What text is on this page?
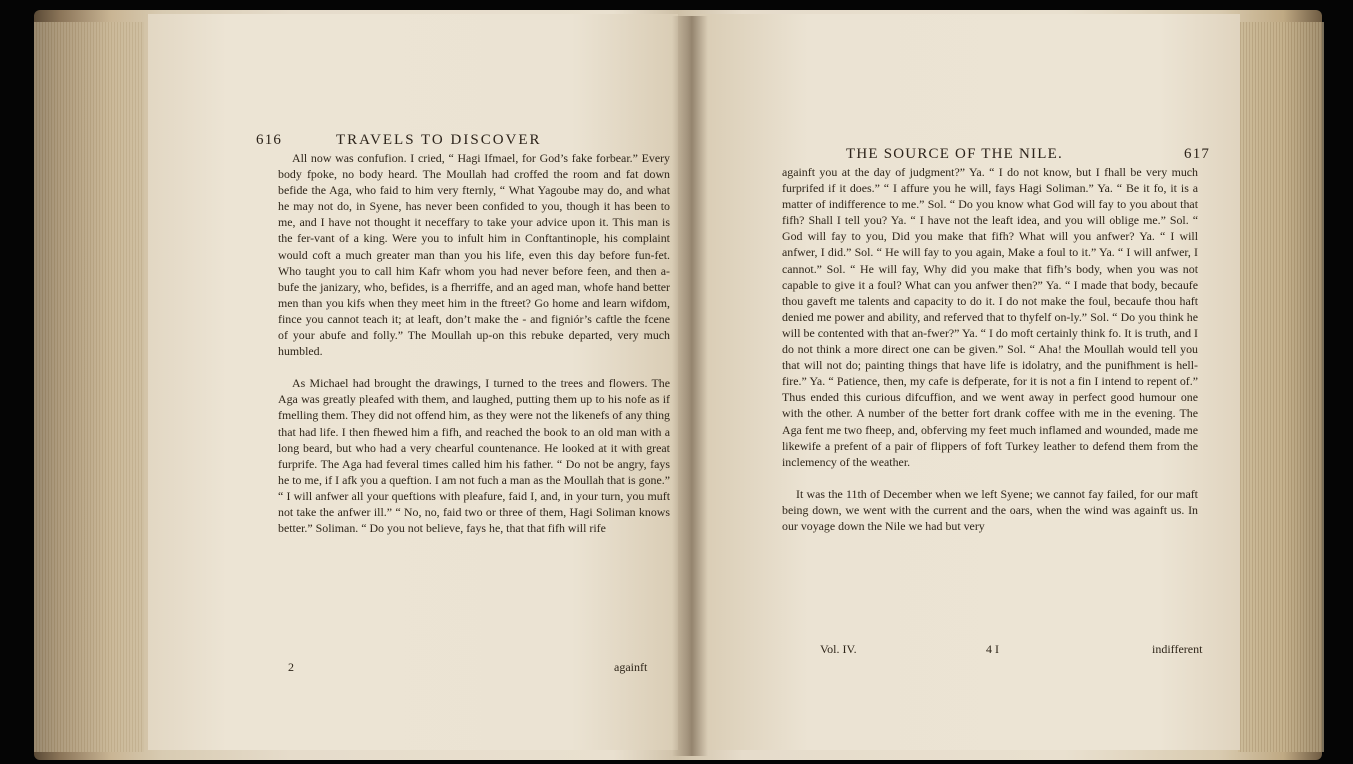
616	TRAVELS TO DISCOVER

All now was confufion. I cried, “ Hagi Ifmael, for God’s fake forbear.” Every body fpoke, no body heard. The Moullah had croffed the room and fat down befide the Aga, who faid to him very fternly, “ What Yagoube may do, and what he may not do, in Syene, has never been confided to you, though it has been to me, and I have not thought it neceffary to take your advice upon it. This man is the fer-vant of a king. Were you to infult him in Conftantinople, his complaint would coft a much greater man than you his life, even this day before fun-fet. Who taught you to call him Kafr whom you had never before feen, and then a-bufe the janizary, who, befides, is a fherriffe, and an aged man, whofe hand better men than you kifs when they meet him in the ftreet? Go home and learn wifdom, fince you cannot teach it; at leaft, don’t make the ‐ and figniór’s caftle the fcene of your abufe and folly.” The Moullah up-on this rebuke departed, very much humbled.

As Michael had brought the drawings, I turned to the trees and flowers. The Aga was greatly pleafed with them, and laughed, putting them up to his nofe as if fmelling them. They did not offend him, as they were not the likenefs of any thing that had life. I then fhewed him a fifh, and reached the book to an old man with a long beard, but who had a very chearful countenance. He looked at it with great furprife. The Aga had feveral times called him his father. “ Do not be angry, fays he to me, if I afk you a queftion. I am not fuch a man as the Moullah that is gone.” “ I will anfwer all your queftions with pleafure, faid I, and, in your turn, you muft not take the anfwer ill.” “ No, no, faid two or three of them, Hagi Soliman knows better.” Soliman. “ Do you not believe, fays he, that that fifh will rife

2	againft
THE SOURCE OF THE NILE.	617

againft you at the day of judgment?” Ya. “ I do not know, but I fhall be very much furprifed if it does.” “ I affure you he will, fays Hagi Soliman.” Ya. “ Be it fo, it is a matter of indifference to me.” Sol. “ Do you know what God will fay to you about that fifh? Shall I tell you? Ya. “ I have not the leaft idea, and you will oblige me.” Sol. “ God will fay to you, Did you make that fifh? What will you anfwer? Ya. “ I will anfwer, I did.” Sol. “ He will fay to you again, Make a foul to it.” Ya. “ I will anfwer, I cannot.” Sol. “ He will fay, Why did you make that fifh’s body, when you was not capable to give it a foul? What can you anfwer then?” Ya. “ I made that body, becaufe thou gaveft me talents and capacity to do it. I do not make the foul, becaufe thou haft denied me power and ability, and referved that to thyfelf on-ly.” Sol. “ Do you think he will be contented with that an-fwer?” Ya. “ I do moft certainly think fo. It is truth, and I do not think a more direct one can be given.” Sol. “ Aha! the Moullah would tell you that will not do; painting things that have life is idolatry, and the punifhment is hell-fire.” Ya. “ Patience, then, my cafe is defperate, for it is not a fin I intend to repent of.” Thus ended this curious difcuffion, and we went away in perfect good humour one with the other. A number of the better fort drank coffee with me in the evening. The Aga fent me two fheep, and, obferving my feet much inflamed and wounded, made me likewife a prefent of a pair of flippers of foft Turkey leather to defend them from the inclemency of the weather.

It was the 11th of December when we left Syene; we cannot fay failed, for our maft being down, we went with the current and the oars, when the wind was againft us. In our voyage down the Nile we had but very

Vol. IV.	4 I	indifferent
